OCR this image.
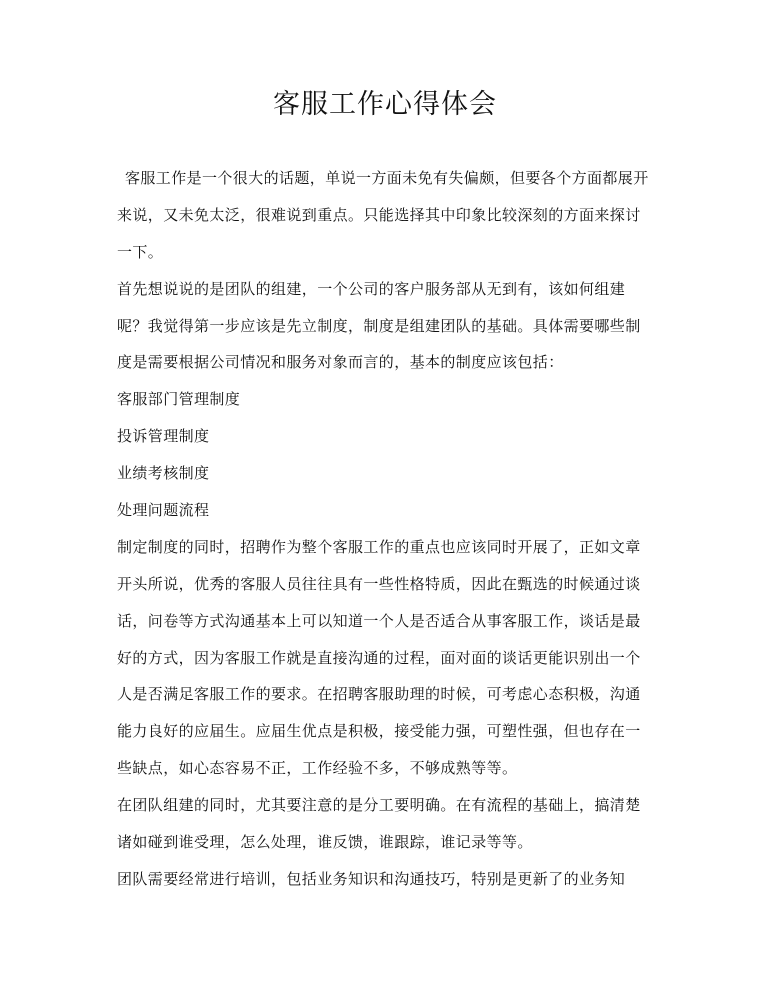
客服工作心得体会
客服工作是一个很大的话题，单说一方面未免有失偏颇，但要各个方面都展开
来说，又未免太泛，很难说到重点。只能选择其中印象比较深刻的方面来探讨
一下。
首先想说说的是团队的组建，一个公司的客户服务部从无到有，该如何组建
呢？我觉得第一步应该是先立制度，制度是组建团队的基础。具体需要哪些制
度是需要根据公司情况和服务对象而言的，基本的制度应该包括：
客服部门管理制度
投诉管理制度
业绩考核制度
处理问题流程
制定制度的同时，招聘作为整个客服工作的重点也应该同时开展了，正如文章
开头所说，优秀的客服人员往往具有一些性格特质，因此在甄选的时候通过谈
话，问卷等方式沟通基本上可以知道一个人是否适合从事客服工作，谈话是最
好的方式，因为客服工作就是直接沟通的过程，面对面的谈话更能识别出一个
人是否满足客服工作的要求。在招聘客服助理的时候，可考虑心态积极，沟通
能力良好的应届生。应届生优点是积极，接受能力强，可塑性强，但也存在一
些缺点，如心态容易不正，工作经验不多，不够成熟等等。
在团队组建的同时，尤其要注意的是分工要明确。在有流程的基础上，搞清楚
诸如碰到谁受理，怎么处理，谁反馈，谁跟踪，谁记录等等。
团队需要经常进行培训，包括业务知识和沟通技巧，特别是更新了的业务知
